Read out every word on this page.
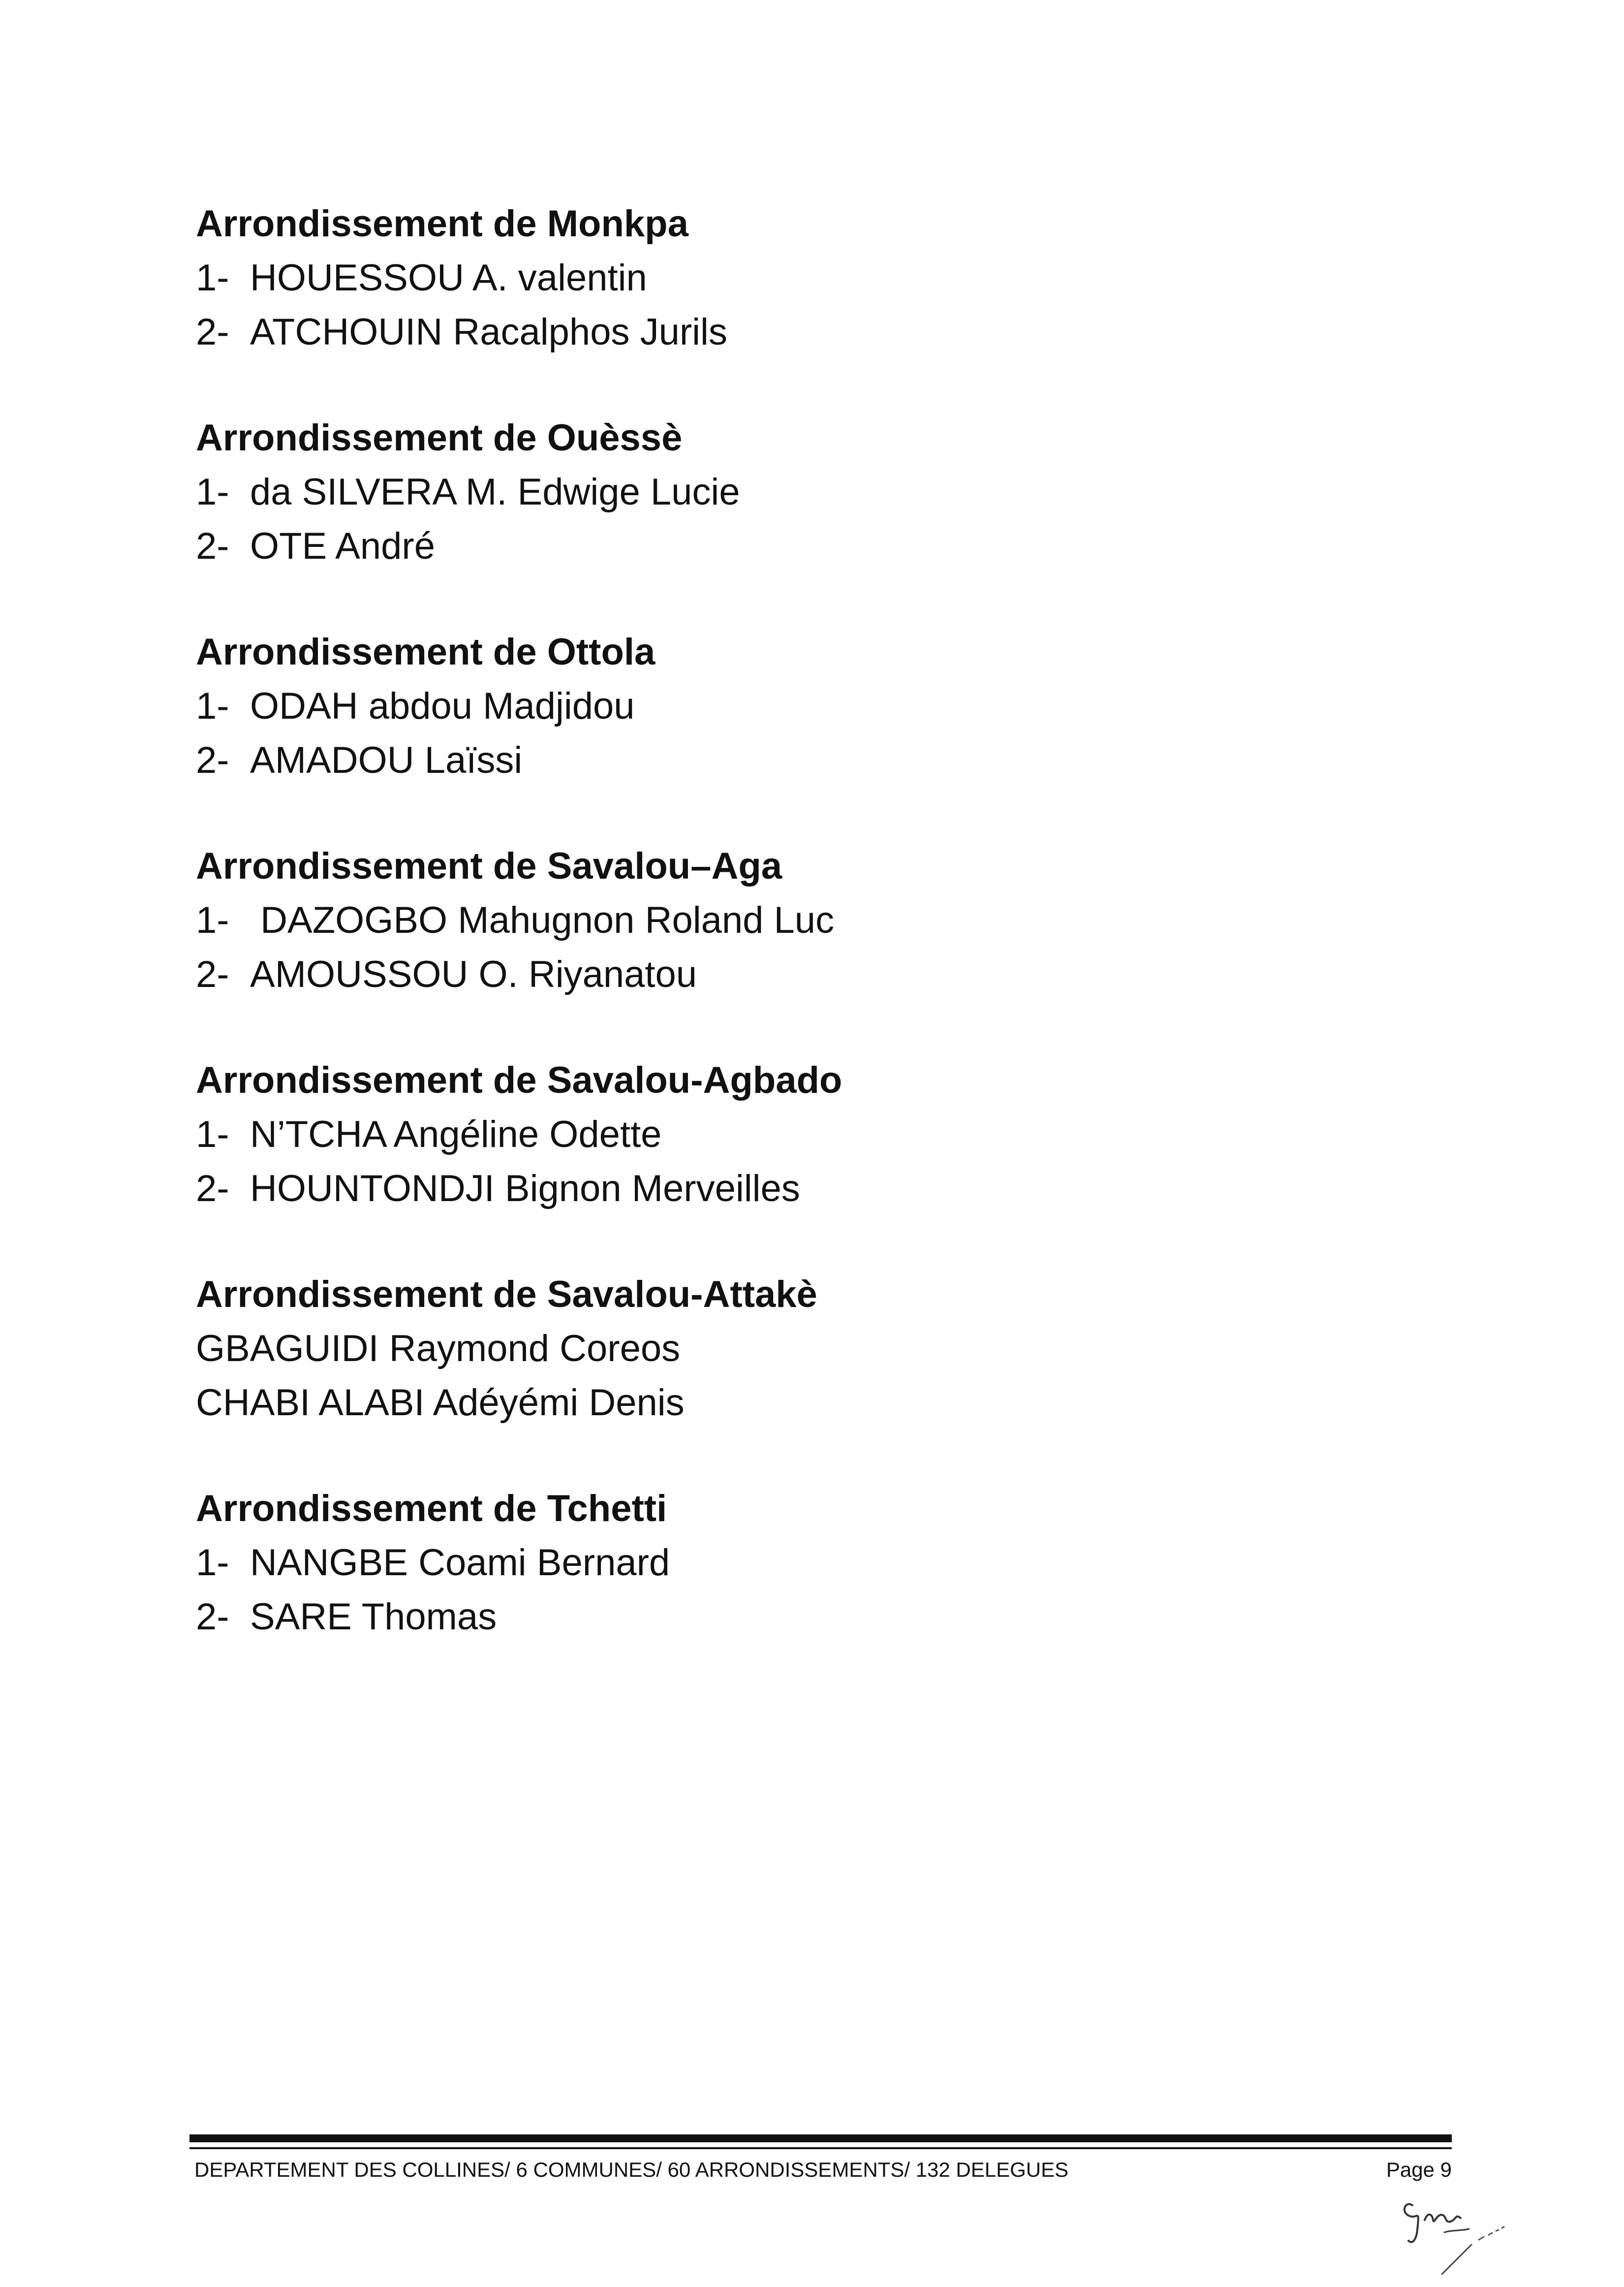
Arrondissement de Monkpa
1- HOUESSOU A. valentin
2- ATCHOUIN Racalphos Jurils
Arrondissement de Ouèssè
1- da SILVERA M. Edwige Lucie
2- OTE André
Arrondissement de Ottola
1- ODAH abdou Madjidou
2- AMADOU Laïssi
Arrondissement de Savalou–Aga
1- DAZOGBO Mahugnon Roland Luc
2- AMOUSSOU O. Riyanatou
Arrondissement de Savalou-Agbado
1- N’TCHA Angéline Odette
2- HOUNTONDJI Bignon Merveilles
Arrondissement de Savalou-Attakè
GBAGUIDI Raymond Coreos
CHABI ALABI Adéyémi Denis
Arrondissement de Tchetti
1- NANGBE Coami Bernard
2- SARE Thomas
DEPARTEMENT DES COLLINES/ 6 COMMUNES/ 60 ARRONDISSEMENTS/ 132 DELEGUES	Page 9
